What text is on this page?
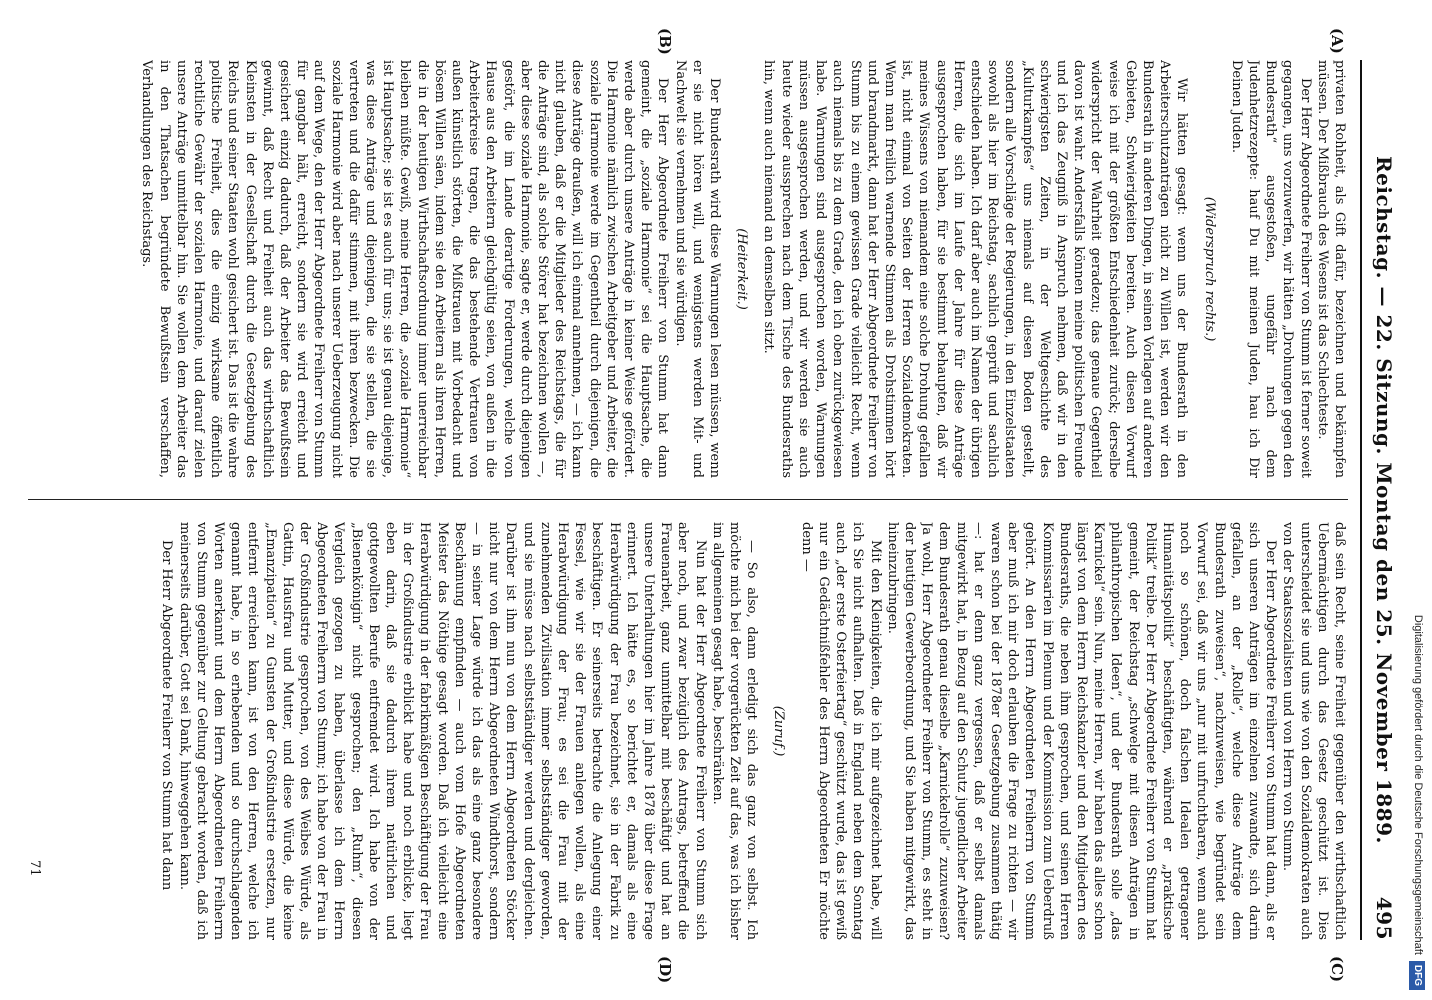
Reichstag. — 22. Sitzung. Montag den 25. November 1889.
495
(A)
(B)
(C)
(D)

privaten Rohheit, als Gift dafür, bezeichnen und bekämpfen müssen. Der Mißbrauch des Wesens ist das Schlechteste.

Der Herr Abgeordnete Freiherr von Stumm ist ferner soweit gegangen, uns vorzuwerfen, wir hätten „Drohungen gegen den Bundesrath“ ausgestoßen, ungefähr nach dem Judenhetzrezepte: hauf Du mit meinen Juden, hau ich Dir Deinen Juden.

(Widerspruch rechts.)

Wir hätten gesagt: wenn uns der Bundesrath in den Arbeiterschutzanträgen nicht zu Willen ist, werden wir den Bundesrath in anderen Dingen, in seinen Vorlagen auf anderen Gebieten, Schwierigkeiten bereiten. Auch diesen Vorwurf weise ich mit der größten Entschiedenheit zurück; derselbe widerspricht der Wahrheit geradezu; das genaue Gegentheil davon ist wahr. Andersfalls können meine politischen Freunde und ich das Zeugniß in Anspruch nehmen, daß wir in den schwierigsten Zeiten, in der Weltgeschichte des „Kulturkampfes“ uns niemals auf diesen Boden gestellt, sondern alle Vorschläge der Regierungen, in den Einzelstaaten sowohl als hier im Reichstag, sachlich geprüft und sachlich entschieden haben. Ich darf aber auch im Namen der übrigen Herren, die sich im Laufe der Jahre für diese Anträge ausgesprochen haben, für sie bestimmt behaupten, daß wir meines Wissens von niemandem eine solche Drohung gefallen ist, nicht einmal von Seiten der Herren Sozialdemokraten. Wenn man freilich warnende Stimmen als Drohstimmen hört und brandmarkt, dann hat der Herr Abgeordnete Freiherr von Stumm bis zu einem gewissen Grade vielleicht Recht, wenn auch niemals bis zu dem Grade, den ich oben zurückgewiesen habe. Warnungen sind ausgesprochen worden, Warnungen müssen ausgesprochen werden, und wir werden sie auch heute wieder aussprechen nach dem Tische des Bundesraths hin, wenn auch niemand an demselben sitzt.

(Heiterkeit.)

Der Bundesrath wird diese Warnungen lesen müssen, wenn er sie nicht hören will, und wenigstens werden Mit- und Nachwelt sie vernehmen und sie würdigen.

Der Herr Abgeordnete Freiherr von Stumm hat dann gemeint, die „soziale Harmonie“ sei die Hauptsache, die werde aber durch unsere Anträge in keiner Weise gefördert. Die Harmonie nämlich zwischen Arbeitgeber und Arbeiter, die soziale Harmonie werde im Gegentheil durch diejenigen, die diese Anträge draußen, will ich einmal annehmen, — ich kann nicht glauben, daß er die Mitglieder des Reichstags, die für die Anträge sind, als solche Störer hat bezeichnen wollen —, aber diese soziale Harmonie, sagte er, werde durch diejenigen gestört, die im Lande derartige Forderungen, welche von Hause aus den Arbeitern gleichgültig seien, von außen in die Arbeiterkreise tragen, die das bestehende Vertrauen von außen künstlich störten, die Mißtrauen mit Vorbedacht und bösem Willen säen, indem sie den Arbeitern als ihren Herren, die in der heutigen Wirthschaftsordnung immer unerreichbar bleiben müßte. Gewiß, meine Herren, die „soziale Harmonie“ ist Hauptsache; sie ist es auch für uns; sie ist genau diejenige, was diese Anträge und diejenigen, die sie stellen, die sie vertreten und die dafür stimmen, mit ihren bezwecken. Die soziale Harmonie wird aber nach unserer Ueberzeugung nicht auf dem Wege, den der Herr Abgeordnete Freiherr von Stumm für gangbar hält, erreicht, sondern sie wird erreicht und gesichert einzig dadurch, daß der Arbeiter das Bewußtsein gewinnt, daß Recht und Freiheit auch das wirthschaftlich Kleinsten in der Gesellschaft durch die Gesetzgebung des Reichs und seiner Staaten wohl gesichert ist. Das ist die wahre politische Freiheit, dies die einzig wirksame öffentlich rechtliche Gewähr der sozialen Harmonie, und darauf zielen unsere Anträge unmittelbar hin. Sie wollen dem Arbeiter das in den Thatsachen begründete Bewußtsein verschaffen, Verhandlungen des Reichstags.

daß sein Recht, seine Freiheit gegenüber den wirthschaftlich Uebermächtigen durch das Gesetz geschützt ist. Dies unterscheidet sie und uns wie von den Sozialdemokraten auch von der Staatssozialisten und von Herrn von Stumm.

Der Herr Abgeordnete Freiherr von Stumm hat dann, als er sich unseren Anträgen im einzelnen zuwandte, sich darin gefallen, an der „Rolle“, welche diese Anträge dem Bundesrath zuweisen“, nachzuweisen, wie begründet sein Vorwurf sei, daß wir uns „nur mit unfruchtbaren, wenn auch noch so schönen, doch falschen Idealen getragener Humanitätspolitik“ beschäftigten, während er „praktische Politik“ treibe. Der Herr Abgeordnete Freiherr von Stumm hat gemeint, der Reichstag „schwelge mit diesen Anträgen in philanthropischen Ideen“, und der Bundesrath solle „das Karnickel“ sein. Nun, meine Herren, wir haben das alles schon längst von dem Herrn Reichskanzler und den Mitgliedern des Bundesraths, die neben ihm gesprochen, und seinen Herren Kommissarien im Plenum und der Kommission zum Ueberdruß gehört. An den Herrn Abgeordneten Freiherrn von Stumm aber muß ich mir doch erlauben die Frage zu richten — wir waren schon bei der 1878er Gesetzgebung zusammen thätig —: hat er denn ganz vergessen, daß er selbst damals mitgewirkt hat, in Bezug auf den Schutz jugendlicher Arbeiter dem Bundesrath genau dieselbe „Karnickelrolle“ zuzuweisen? Ja wohl, Herr Abgeordneter Freiherr von Stumm, es steht in der heutigen Gewerbeordnung, und Sie haben mitgewirkt, das hineinzubringen.

Mit den Kleinigkeiten, die ich mir aufgezeichnet habe, will ich Sie nicht aufhalten. Daß in England neben dem Sonntag auch „der erste Osterfeiertag“ geschützt wurde, das ist gewiß nur ein Gedächtnißfehler des Herrn Abgeordneten Er möchte denn —

(Zuruf.)

— So also, dann erledigt sich das ganz von selbst. Ich möchte mich bei der vorgerückten Zeit auf das, was ich bisher im allgemeinen gesagt habe, beschränken.

Nun hat der Herr Abgeordnete Freiherr von Stumm sich aber noch, und zwar bezüglich des Antrags, betreffend die Frauenarbeit, ganz unmittelbar mit beschäftigt und hat an unsere Unterhaltungen hier im Jahre 1878 über diese Frage erinnert. Ich hätte es, so berichtet er, damals als eine Herabwürdigung der Frau bezeichnet, sie in der Fabrik zu beschäftigen. Er seinerseits betrachte die Anlegung einer Fessel, wie wir sie der Frauen anlegen wollen, als eine Herabwürdigung der Frau; es sei die Frau mit der zunehmenden Zivilisation immer selbstständiger geworden, und sie müsse nach selbstständiger werden und dergleichen. Darüber ist ihm nun von dem Herrn Abgeordneten Stöcker nicht nur von dem Herrn Abgeordneten Windthorst, sondern — in seiner Lage würde ich das als eine ganz besondere Beschämung empfinden — auch vom Hofe Abgeordneten Meister das Nöthige gesagt worden. Daß ich vielleicht eine Herabwürdigung in der fabrikmäßigen Beschäftigung der Frau in der Großindustrie erblickt habe und noch erblicke, liegt eben darin, daß sie dadurch ihrem natürlichen und gottgewollten Berufe entfremdet wird. Ich habe von der „Bienenkönigin“ nicht gesprochen; den „Ruhm“, diesen Vergleich gezogen zu haben, überlasse ich dem Herrn Abgeordneten Freiherrn von Stumm; ich habe von der Frau in der Großindustrie gesprochen, von des Weibes Würde, als Gattin, Hausfrau und Mutter, und diese Würde, die keine „Emanzipation“ zu Gunsten der Großindustrie ersetzen, nur entfernt erreichen kann, ist von den Herren, welche ich genannt habe, in so erhebenden und so durchschlagenden Worten anerkannt und dem Herrn Abgeordneten Freiherrn von Stumm gegenüber zur Geltung gebracht worden, daß ich meinerseits darüber, Gott sei Dank, hinweggehen kann.

Der Herr Abgeordnete Freiherr von Stumm hat dann

71	Digitalisierung gefördert durch die Deutsche ForschungsgemeinschaftDFG
